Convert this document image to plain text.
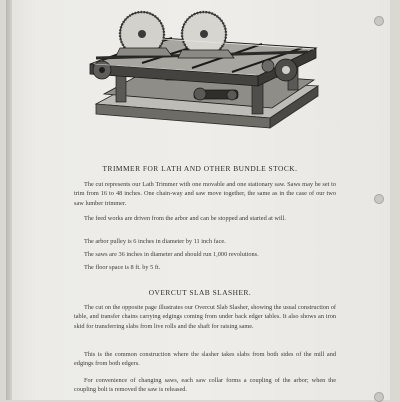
TRIMMER FOR LATH AND OTHER BUNDLE STOCK.

The cut represents our Lath Trimmer with one movable and one stationary saw. Saws may be set to trim from 16 to 48 inches. One chain-way and saw move together, the same as in the case of our two saw lumber trimmer.

The feed works are driven from the arbor and can be stopped and started at will.

The arbor pulley is 6 inches in diameter by 11 inch face.

The saws are 36 inches in diameter and should run 1,000 revolutions.

The floor space is 8 ft. by 5 ft.

OVERCUT SLAB SLASHER.

The cut on the opposite page illustrates our Overcut Slab Slasher, showing the usual construction of table, and transfer chains carrying edgings coming from under back edger tables. It also shows an iron skid for transferring slabs from live rolls and the shaft for raising same.

This is the common construction where the slasher takes slabs from both sides of the mill and edgings from both edgers.

For convenience of changing saws, each saw collar forms a coupling of the arbor; when the coupling bolt is removed the saw is released.
